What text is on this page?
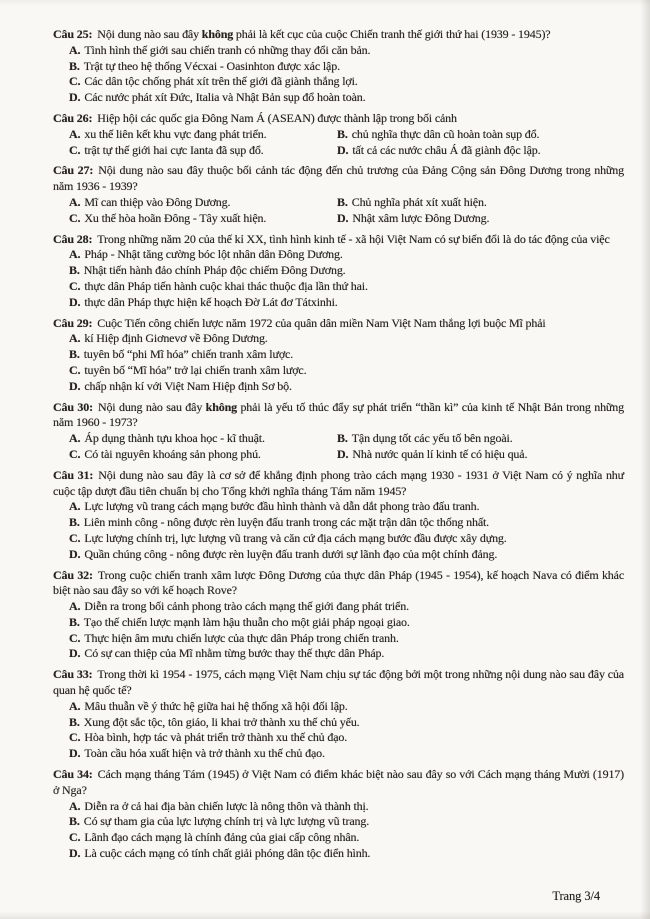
Câu 25: Nội dung nào sau đây không phải là kết cục của cuộc Chiến tranh thế giới thứ hai (1939 - 1945)?

A. Tình hình thế giới sau chiến tranh có những thay đổi căn bản.
B. Trật tự theo hệ thống Vécxai - Oasinhton được xác lập.
C. Các dân tộc chống phát xít trên thế giới đã giành thắng lợi.
D. Các nước phát xít Đức, Italia và Nhật Bản sụp đổ hoàn toàn.

Câu 26: Hiệp hội các quốc gia Đông Nam Á (ASEAN) được thành lập trong bối cảnh

A. xu thế liên kết khu vực đang phát triển.	B. chủ nghĩa thực dân cũ hoàn toàn sụp đổ.
C. trật tự thế giới hai cực Ianta đã sụp đổ.	D. tất cả các nước châu Á đã giành độc lập.

Câu 27: Nội dung nào sau đây thuộc bối cảnh tác động đến chủ trương của Đảng Cộng sản Đông Dương trong những năm 1936 - 1939?

A. Mĩ can thiệp vào Đông Dương.	B. Chủ nghĩa phát xít xuất hiện.
C. Xu thế hòa hoãn Đông - Tây xuất hiện.	D. Nhật xâm lược Đông Dương.

Câu 28: Trong những năm 20 của thế kỉ XX, tình hình kinh tế - xã hội Việt Nam có sự biến đổi là do tác động của việc

A. Pháp - Nhật tăng cường bóc lột nhân dân Đông Dương.
B. Nhật tiến hành đảo chính Pháp độc chiếm Đông Dương.
C. thực dân Pháp tiến hành cuộc khai thác thuộc địa lần thứ hai.
D. thực dân Pháp thực hiện kế hoạch Đờ Lát đơ Tátxinhi.

Câu 29: Cuộc Tiến công chiến lược năm 1972 của quân dân miền Nam Việt Nam thắng lợi buộc Mĩ phải

A. kí Hiệp định Giơnevơ về Đông Dương.
B. tuyên bố “phi Mĩ hóa” chiến tranh xâm lược.
C. tuyên bố “Mĩ hóa” trở lại chiến tranh xâm lược.
D. chấp nhận kí với Việt Nam Hiệp định Sơ bộ.

Câu 30: Nội dung nào sau đây không phải là yếu tố thúc đẩy sự phát triển “thần kì” của kinh tế Nhật Bản trong những năm 1960 - 1973?

A. Áp dụng thành tựu khoa học - kĩ thuật.	B. Tận dụng tốt các yếu tố bên ngoài.
C. Có tài nguyên khoáng sản phong phú.	D. Nhà nước quản lí kinh tế có hiệu quả.

Câu 31: Nội dung nào sau đây là cơ sở để khẳng định phong trào cách mạng 1930 - 1931 ở Việt Nam có ý nghĩa như cuộc tập dượt đầu tiên chuẩn bị cho Tổng khởi nghĩa tháng Tám năm 1945?

A. Lực lượng vũ trang cách mạng bước đầu hình thành và dẫn dắt phong trào đấu tranh.
B. Liên minh công - nông được rèn luyện đấu tranh trong các mặt trận dân tộc thống nhất.
C. Lực lượng chính trị, lực lượng vũ trang và căn cứ địa cách mạng bước đầu được xây dựng.
D. Quần chúng công - nông được rèn luyện đấu tranh dưới sự lãnh đạo của một chính đảng.

Câu 32: Trong cuộc chiến tranh xâm lược Đông Dương của thực dân Pháp (1945 - 1954), kế hoạch Nava có điểm khác biệt nào sau đây so với kế hoạch Rove?

A. Diễn ra trong bối cảnh phong trào cách mạng thế giới đang phát triển.
B. Tạo thế chiến lược mạnh làm hậu thuẫn cho một giải pháp ngoại giao.
C. Thực hiện âm mưu chiến lược của thực dân Pháp trong chiến tranh.
D. Có sự can thiệp của Mĩ nhằm từng bước thay thế thực dân Pháp.

Câu 33: Trong thời kì 1954 - 1975, cách mạng Việt Nam chịu sự tác động bởi một trong những nội dung nào sau đây của quan hệ quốc tế?

A. Mâu thuẫn về ý thức hệ giữa hai hệ thống xã hội đối lập.
B. Xung đột sắc tộc, tôn giáo, li khai trở thành xu thế chủ yếu.
C. Hòa bình, hợp tác và phát triển trở thành xu thế chủ đạo.
D. Toàn cầu hóa xuất hiện và trở thành xu thế chủ đạo.

Câu 34: Cách mạng tháng Tám (1945) ở Việt Nam có điểm khác biệt nào sau đây so với Cách mạng tháng Mười (1917) ở Nga?

A. Diễn ra ở cả hai địa bàn chiến lược là nông thôn và thành thị.
B. Có sự tham gia của lực lượng chính trị và lực lượng vũ trang.
C. Lãnh đạo cách mạng là chính đảng của giai cấp công nhân.
D. Là cuộc cách mạng có tính chất giải phóng dân tộc điển hình.
Trang 3/4
